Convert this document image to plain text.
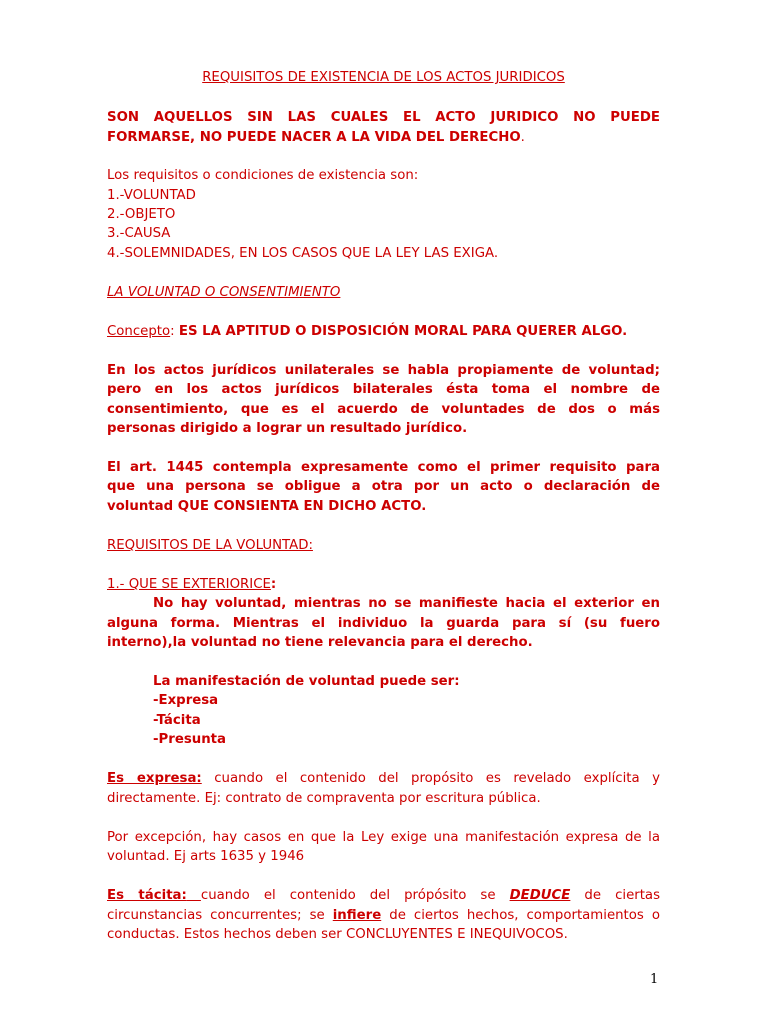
REQUISITOS DE EXISTENCIA DE LOS ACTOS JURIDICOS
SON AQUELLOS SIN LAS CUALES EL ACTO JURIDICO NO PUEDE
FORMARSE, NO PUEDE NACER A LA VIDA DEL DERECHO.
Los requisitos o condiciones de existencia son:
1.-VOLUNTAD
2.-OBJETO
3.-CAUSA
4.-SOLEMNIDADES, EN LOS CASOS QUE LA LEY LAS EXIGA.
LA VOLUNTAD O CONSENTIMIENTO
Concepto: ES LA APTITUD O DISPOSICIÓN MORAL PARA QUERER ALGO.
En los actos jurídicos unilaterales se habla propiamente de voluntad;
pero en los actos jurídicos bilaterales ésta toma el nombre de
consentimiento, que es el acuerdo de voluntades de dos o más
personas dirigido a lograr un resultado jurídico.
El art. 1445 contempla expresamente como el primer requisito para
que una persona se obligue a otra por un acto o declaración de
voluntad QUE CONSIENTA EN DICHO ACTO.
REQUISITOS DE LA VOLUNTAD:
1.- QUE SE EXTERIORICE:
No hay voluntad, mientras no se manifieste hacia el exterior en
alguna forma. Mientras el individuo la guarda para sí (su fuero
interno),la voluntad no tiene relevancia para el derecho.
La manifestación de voluntad puede ser:
-Expresa
-Tácita
-Presunta
Es expresa: cuando el contenido del propósito es revelado explícita y
directamente. Ej: contrato de compraventa por escritura pública.
Por excepción, hay casos en que la Ley exige una manifestación expresa de la
voluntad. Ej arts 1635 y 1946
Es tácita: cuando el contenido del própósito se DEDUCE de ciertas
circunstancias concurrentes; se infiere de ciertos hechos, comportamientos o
conductas. Estos hechos deben ser CONCLUYENTES E INEQUIVOCOS.
1
